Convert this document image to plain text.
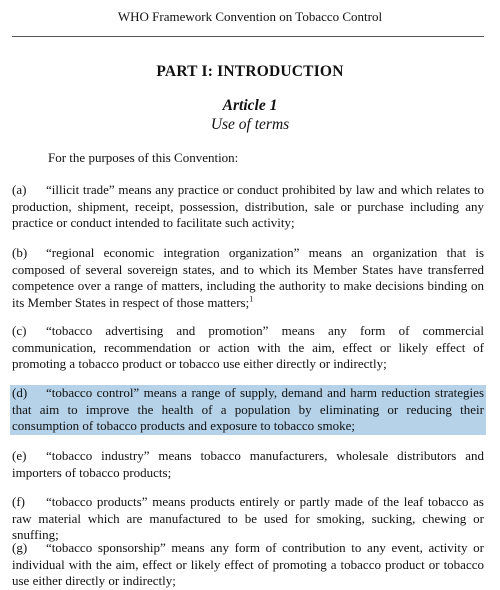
WHO Framework Convention on Tobacco Control
PART I: INTRODUCTION
Article 1
Use of terms
For the purposes of this Convention:
(a) “illicit trade” means any practice or conduct prohibited by law and which relates to production, shipment, receipt, possession, distribution, sale or purchase including any practice or conduct intended to facilitate such activity;
(b) “regional economic integration organization” means an organization that is composed of several sovereign states, and to which its Member States have transferred competence over a range of matters, including the authority to make decisions binding on its Member States in respect of those matters;$^1$
(c) “tobacco advertising and promotion” means any form of commercial communication, recommendation or action with the aim, effect or likely effect of promoting a tobacco product or tobacco use either directly or indirectly;
(d) “tobacco control” means a range of supply, demand and harm reduction strategies that aim to improve the health of a population by eliminating or reducing their consumption of tobacco products and exposure to tobacco smoke;
(e) “tobacco industry” means tobacco manufacturers, wholesale distributors and importers of tobacco products;
(f) “tobacco products” means products entirely or partly made of the leaf tobacco as raw material which are manufactured to be used for smoking, sucking, chewing or snuffing;
(g) “tobacco sponsorship” means any form of contribution to any event, activity or individual with the aim, effect or likely effect of promoting a tobacco product or tobacco use either directly or indirectly;
